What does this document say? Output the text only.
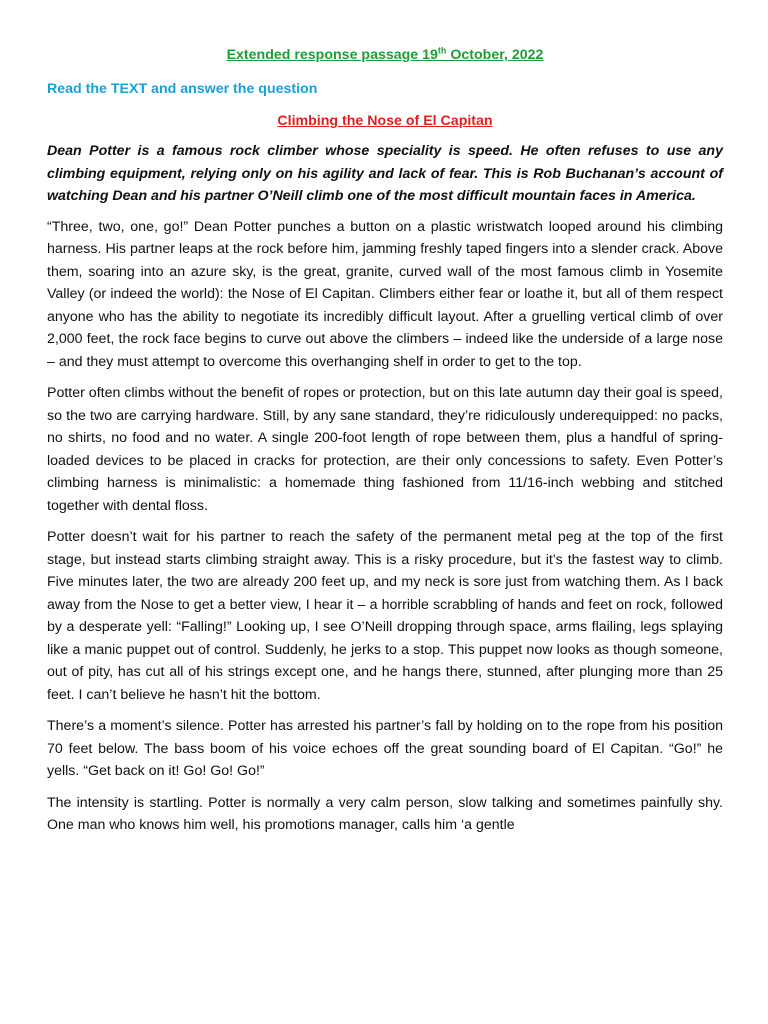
Extended response passage 19th October, 2022
Read the TEXT and answer the question
Climbing the Nose of El Capitan

Dean Potter is a famous rock climber whose speciality is speed. He often refuses to use any climbing equipment, relying only on his agility and lack of fear. This is Rob Buchanan’s account of watching Dean and his partner O’Neill climb one of the most difficult mountain faces in America.

“Three, two, one, go!” Dean Potter punches a button on a plastic wristwatch looped around his climbing harness. His partner leaps at the rock before him, jamming freshly taped fingers into a slender crack. Above them, soaring into an azure sky, is the great, granite, curved wall of the most famous climb in Yosemite Valley (or indeed the world): the Nose of El Capitan. Climbers either fear or loathe it, but all of them respect anyone who has the ability to negotiate its incredibly difficult layout. After a gruelling vertical climb of over 2,000 feet, the rock face begins to curve out above the climbers – indeed like the underside of a large nose – and they must attempt to overcome this overhanging shelf in order to get to the top.

Potter often climbs without the benefit of ropes or protection, but on this late autumn day their goal is speed, so the two are carrying hardware. Still, by any sane standard, they’re ridiculously underequipped: no packs, no shirts, no food and no water. A single 200-foot length of rope between them, plus a handful of spring-loaded devices to be placed in cracks for protection, are their only concessions to safety. Even Potter’s climbing harness is minimalistic: a homemade thing fashioned from 11/16-inch webbing and stitched together with dental floss.

Potter doesn’t wait for his partner to reach the safety of the permanent metal peg at the top of the first stage, but instead starts climbing straight away. This is a risky procedure, but it’s the fastest way to climb. Five minutes later, the two are already 200 feet up, and my neck is sore just from watching them. As I back away from the Nose to get a better view, I hear it – a horrible scrabbling of hands and feet on rock, followed by a desperate yell: “Falling!” Looking up, I see O’Neill dropping through space, arms flailing, legs splaying like a manic puppet out of control. Suddenly, he jerks to a stop. This puppet now looks as though someone, out of pity, has cut all of his strings except one, and he hangs there, stunned, after plunging more than 25 feet. I can’t believe he hasn’t hit the bottom.

There’s a moment’s silence. Potter has arrested his partner’s fall by holding on to the rope from his position 70 feet below. The bass boom of his voice echoes off the great sounding board of El Capitan. “Go!” he yells. “Get back on it! Go! Go! Go!”

The intensity is startling. Potter is normally a very calm person, slow talking and sometimes painfully shy. One man who knows him well, his promotions manager, calls him ‘a gentle
